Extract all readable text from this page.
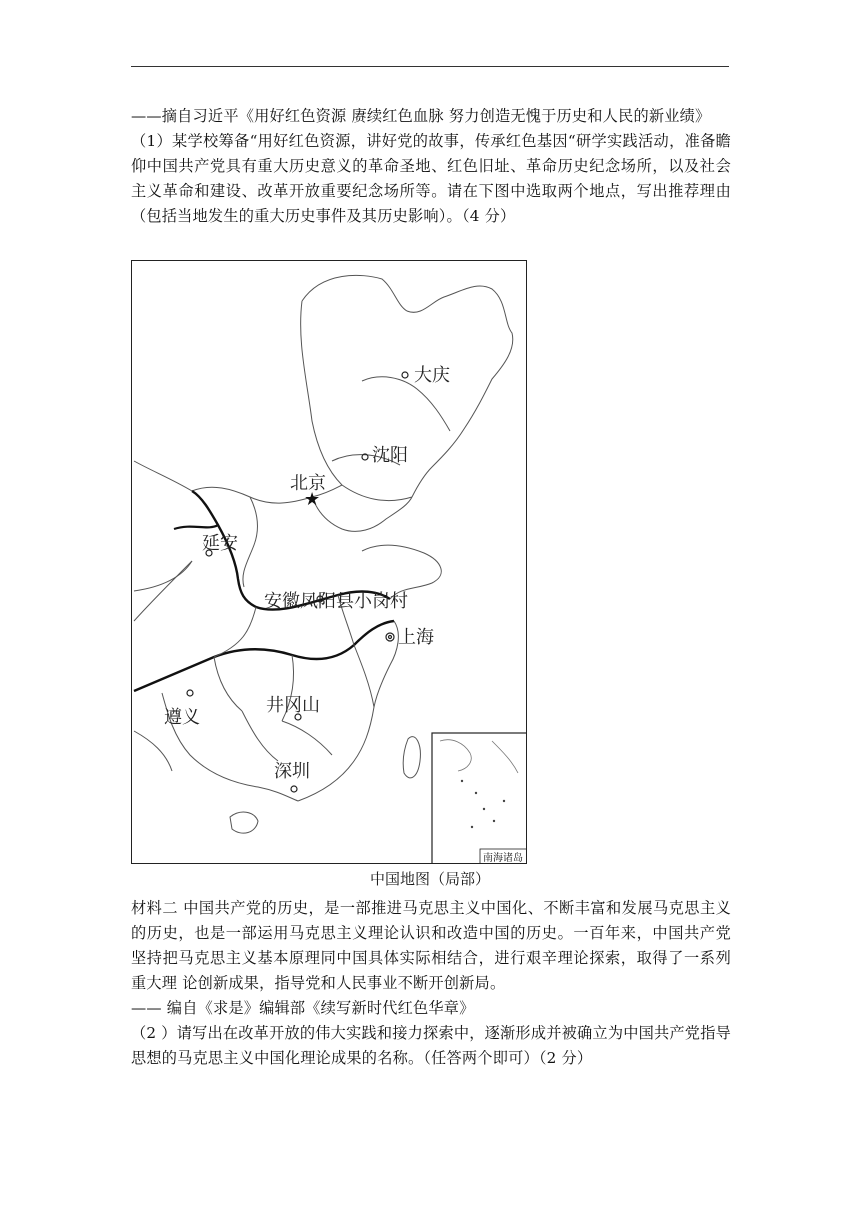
——摘自习近平《用好红色资源 赓续红色血脉 努力创造无愧于历史和人民的新业绩》

（1）某学校筹备“用好红色资源，讲好党的故事，传承红色基因“研学实践活动，准备瞻仰中国共产党具有重大历史意义的革命圣地、红色旧址、革命历史纪念场所，以及社会主义革命和建设、改革开放重要纪念场所等。请在下图中选取两个地点，写出推荐理由（包括当地发生的重大历史事件及其历史影响）。（4 分）

南海诸岛
★
大庆
沈阳
北京
延安
安徽凤阳县小岗村
上海
遵义
井冈山
深圳
中国地图（局部）

材料二 中国共产党的历史，是一部推进马克思主义中国化、不断丰富和发展马克思主义的历史，也是一部运用马克思主义理论认识和改造中国的历史。一百年来，中国共产党坚持把马克思主义基本原理同中国具体实际相结合，进行艰辛理论探索，取得了一系列重大理 论创新成果，指导党和人民事业不断开创新局。

—— 编自《求是》编辑部《续写新时代红色华章》

（2 ）请写出在改革开放的伟大实践和接力探索中，逐渐形成并被确立为中国共产党指导思想的马克思主义中国化理论成果的名称。（任答两个即可）（2 分）
